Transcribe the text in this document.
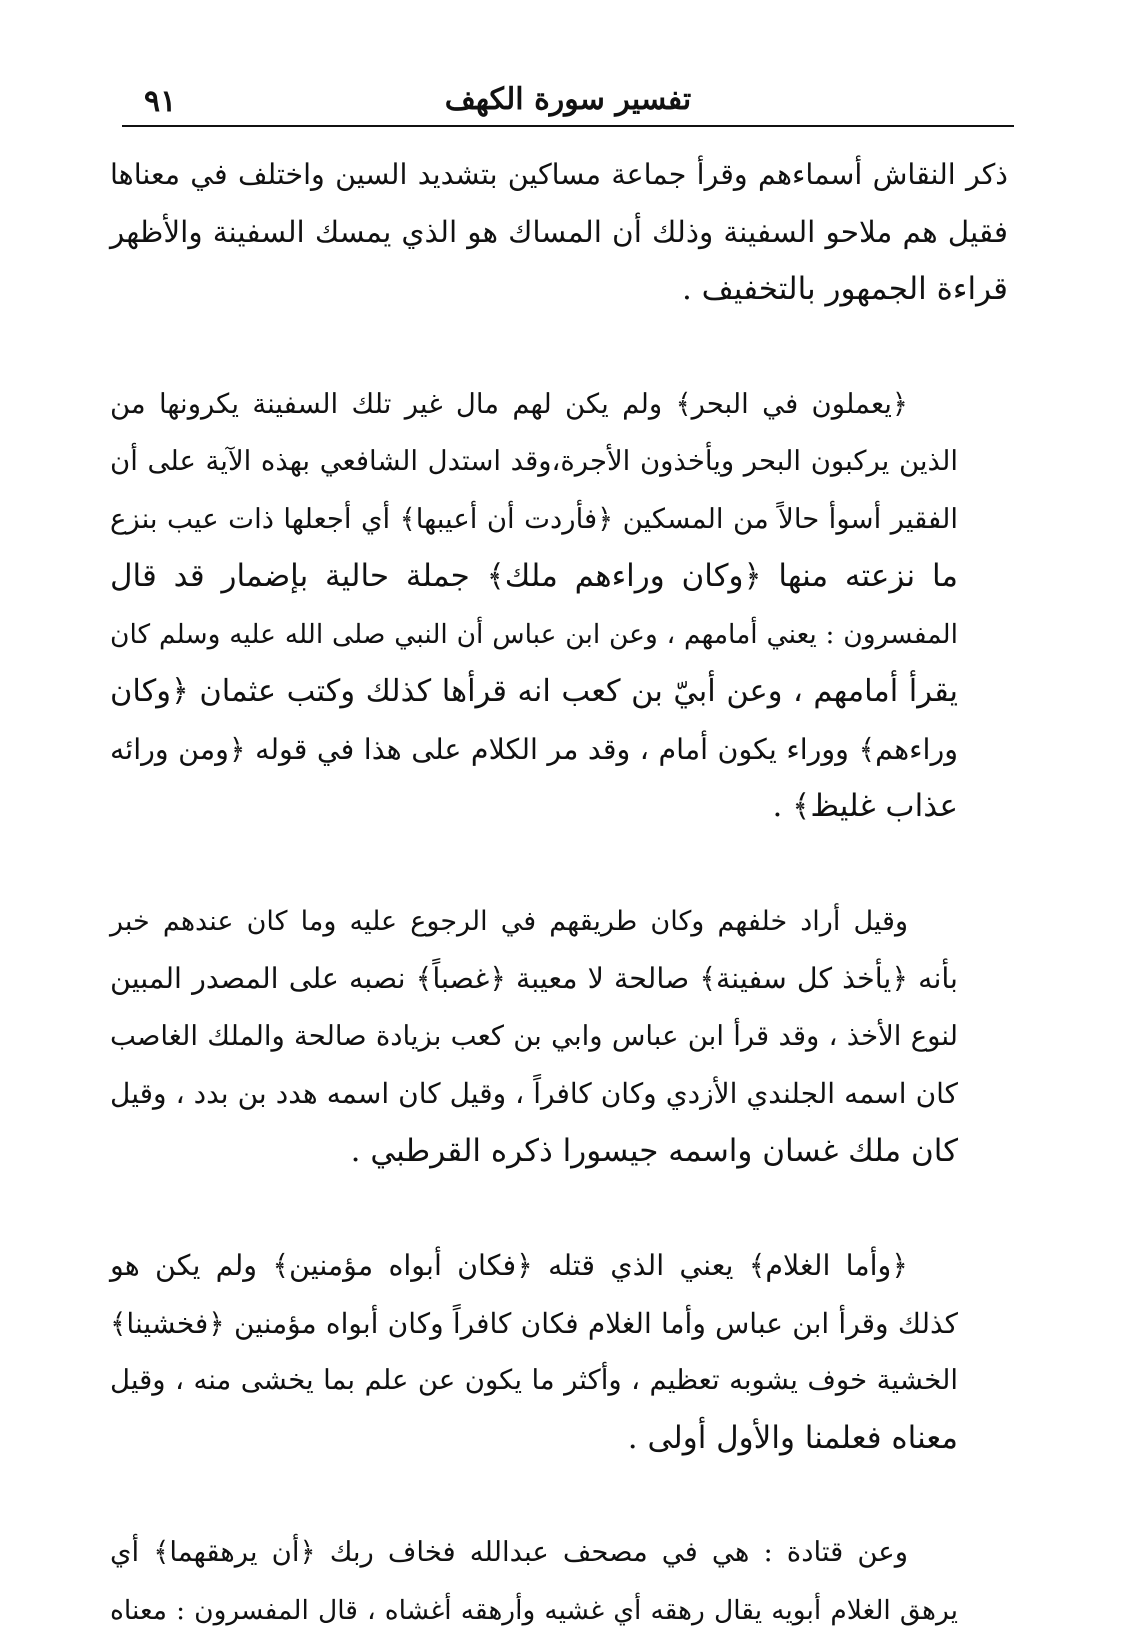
تفسير سورة الكهف
٩١
ذكر النقاش أسماءهم وقرأ جماعة مساكين بتشديد السين واختلف في معناها
فقيل هم ملاحو السفينة وذلك أن المساك هو الذي يمسك السفينة والأظهر
قراءة الجمهور بالتخفيف .
﴿يعملون في البحر﴾ ولم يكن لهم مال غير تلك السفينة يكرونها من
الذين يركبون البحر ويأخذون الأجرة،وقد استدل الشافعي بهذه الآية على أن
الفقير أسوأ حالاً من المسكين ﴿فأردت أن أعيبها﴾ أي أجعلها ذات عيب بنزع
ما نزعته منها ﴿وكان وراءهم ملك﴾ جملة حالية بإضمار قد قال
المفسرون : يعني أمامهم ، وعن ابن عباس أن النبي صلى الله عليه وسلم كان
يقرأ أمامهم ، وعن أبيّ بن كعب انه قرأها كذلك وكتب عثمان ﴿وكان
وراءهم﴾ ووراء يكون أمام ، وقد مر الكلام على هذا في قوله ﴿ومن ورائه
عذاب غليظ﴾ .
وقيل أراد خلفهم وكان طريقهم في الرجوع عليه وما كان عندهم خبر
بأنه ﴿يأخذ كل سفينة﴾ صالحة لا معيبة ﴿غصباً﴾ نصبه على المصدر المبين
لنوع الأخذ ، وقد قرأ ابن عباس وابي بن كعب بزيادة صالحة والملك الغاصب
كان اسمه الجلندي الأزدي وكان كافراً ، وقيل كان اسمه هدد بن بدد ، وقيل
كان ملك غسان واسمه جيسورا ذكره القرطبي .
﴿وأما الغلام﴾ يعني الذي قتله ﴿فكان أبواه مؤمنين﴾ ولم يكن هو
كذلك وقرأ ابن عباس وأما الغلام فكان كافراً وكان أبواه مؤمنين ﴿فخشينا﴾
الخشية خوف يشوبه تعظيم ، وأكثر ما يكون عن علم بما يخشى منه ، وقيل
معناه فعلمنا والأول أولى .
وعن قتادة : هي في مصحف عبدالله فخاف ربك ﴿أن يرهقهما﴾ أي
يرهق الغلام أبويه يقال رهقه أي غشيه وأرهقه أغشاه ، قال المفسرون : معناه
